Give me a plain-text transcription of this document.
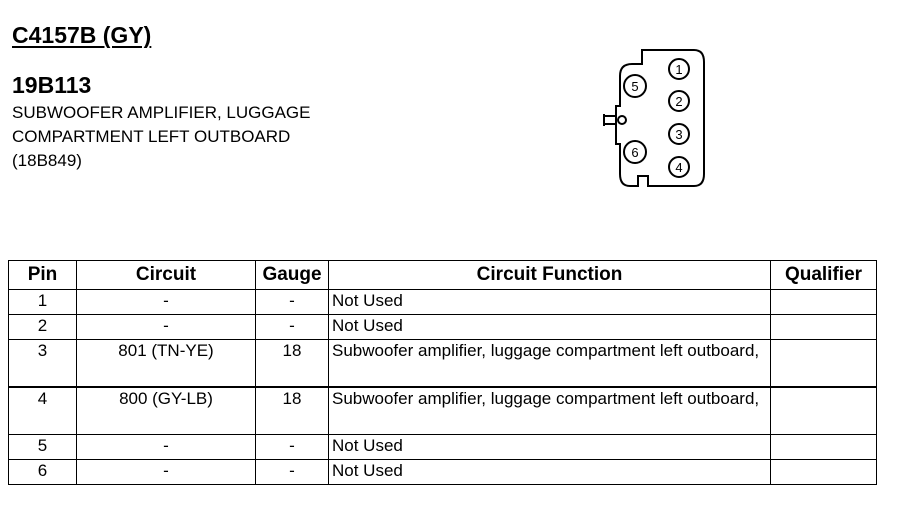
C4157B (GY)
19B113
SUBWOOFER AMPLIFIER, LUGGAGE
COMPARTMENT LEFT OUTBOARD
(18B849)
1
2
3
4
5
6
Pin	Circuit	Gauge	Circuit Function	Qualifier
1	-	-	Not Used	
2	-	-	Not Used	
3	801 (TN-YE)	18	Subwoofer amplifier, luggage compartment left outboard,	
4	800 (GY-LB)	18	Subwoofer amplifier, luggage compartment left outboard,	
5	-	-	Not Used	
6	-	-	Not Used	
